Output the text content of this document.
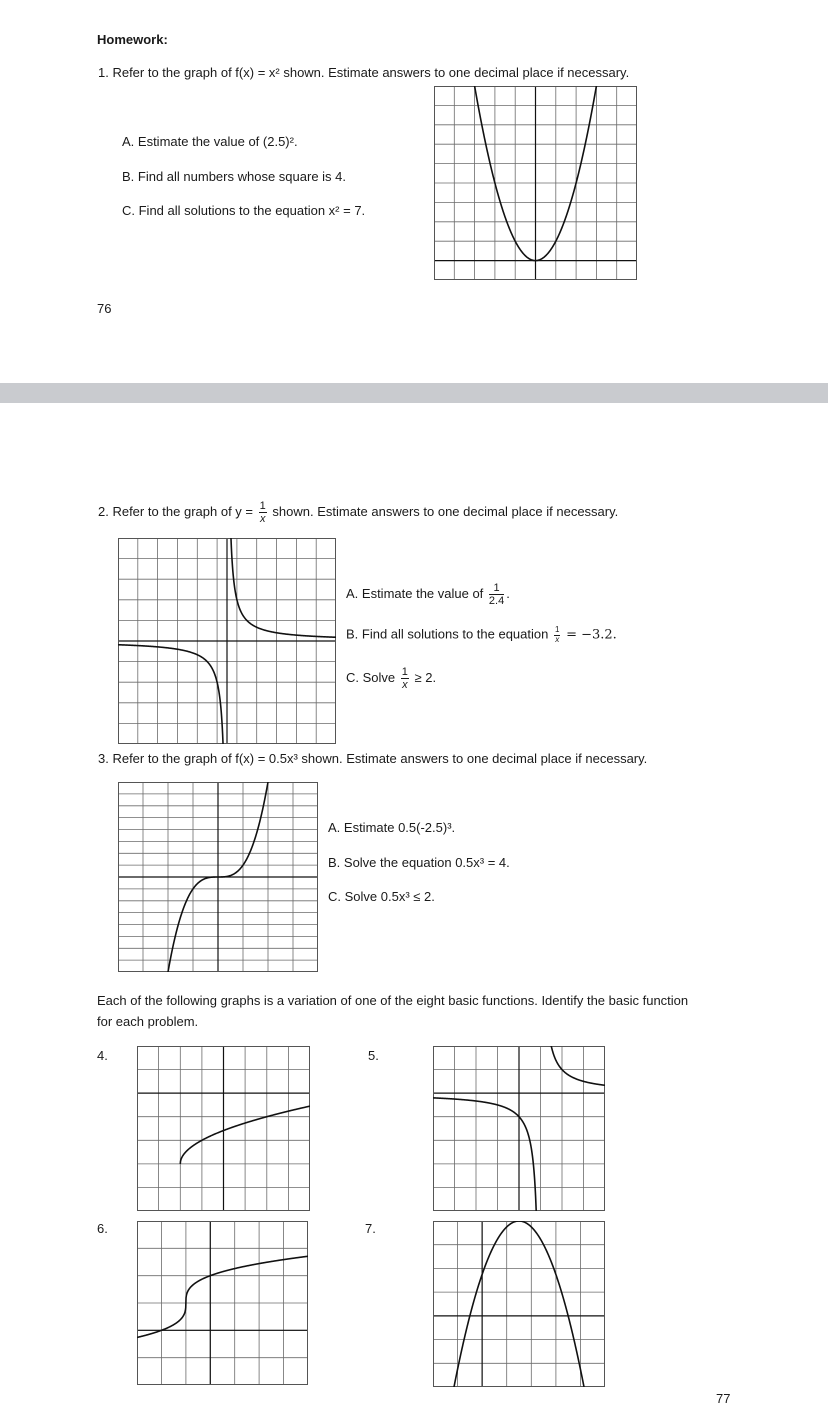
Homework:
1. Refer to the graph of f(x) = x² shown. Estimate answers to one decimal place if necessary.
A. Estimate the value of (2.5)².
B. Find all numbers whose square is 4.
C. Find all solutions to the equation x² = 7.
76
2. Refer to the graph of $y = \frac{1}{x}$ shown. Estimate answers to one decimal place if necessary.
A. Estimate the value of $\frac{1}{2.4}$ .
B. Find all solutions to the equation $\frac{1}{x} = -3.2$.
C. Solve $\frac{1}{x} \ge 2$.
3. Refer to the graph of f(x) = 0.5x³ shown. Estimate answers to one decimal place if necessary.
A. Estimate 0.5(-2.5)³.
B. Solve the equation 0.5x³ = 4.
C. Solve 0.5x³ ≤ 2.
Each of the following graphs is a variation of one of the eight basic functions. Identify the basic function
for each problem.
4.	5.
6.	7.
77
